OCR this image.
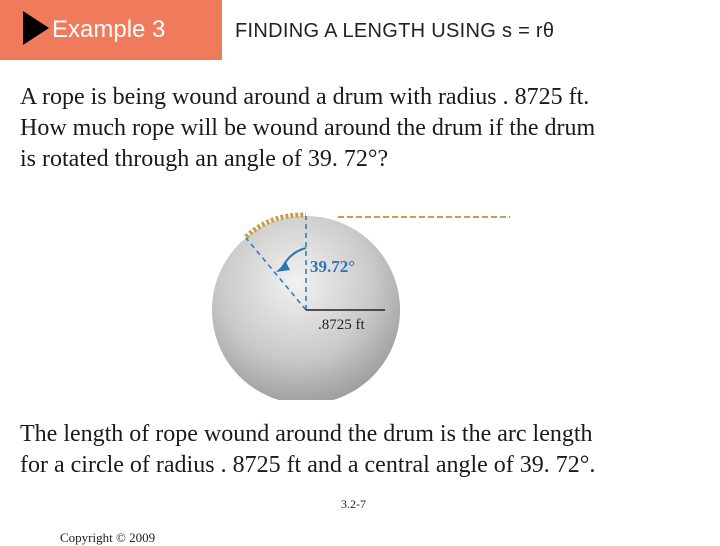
Example 3	FINDING A LENGTH USING s = rθ
A rope is being wound around a drum with radius . 8725 ft.
How much rope will be wound around the drum if the drum
is rotated through an angle of 39. 72°?
39.72°
.8725 ft
The length of rope wound around the drum is the arc length
for a circle of radius . 8725 ft and a central angle of 39. 72°.
3.2-7
Copyright © 2009
